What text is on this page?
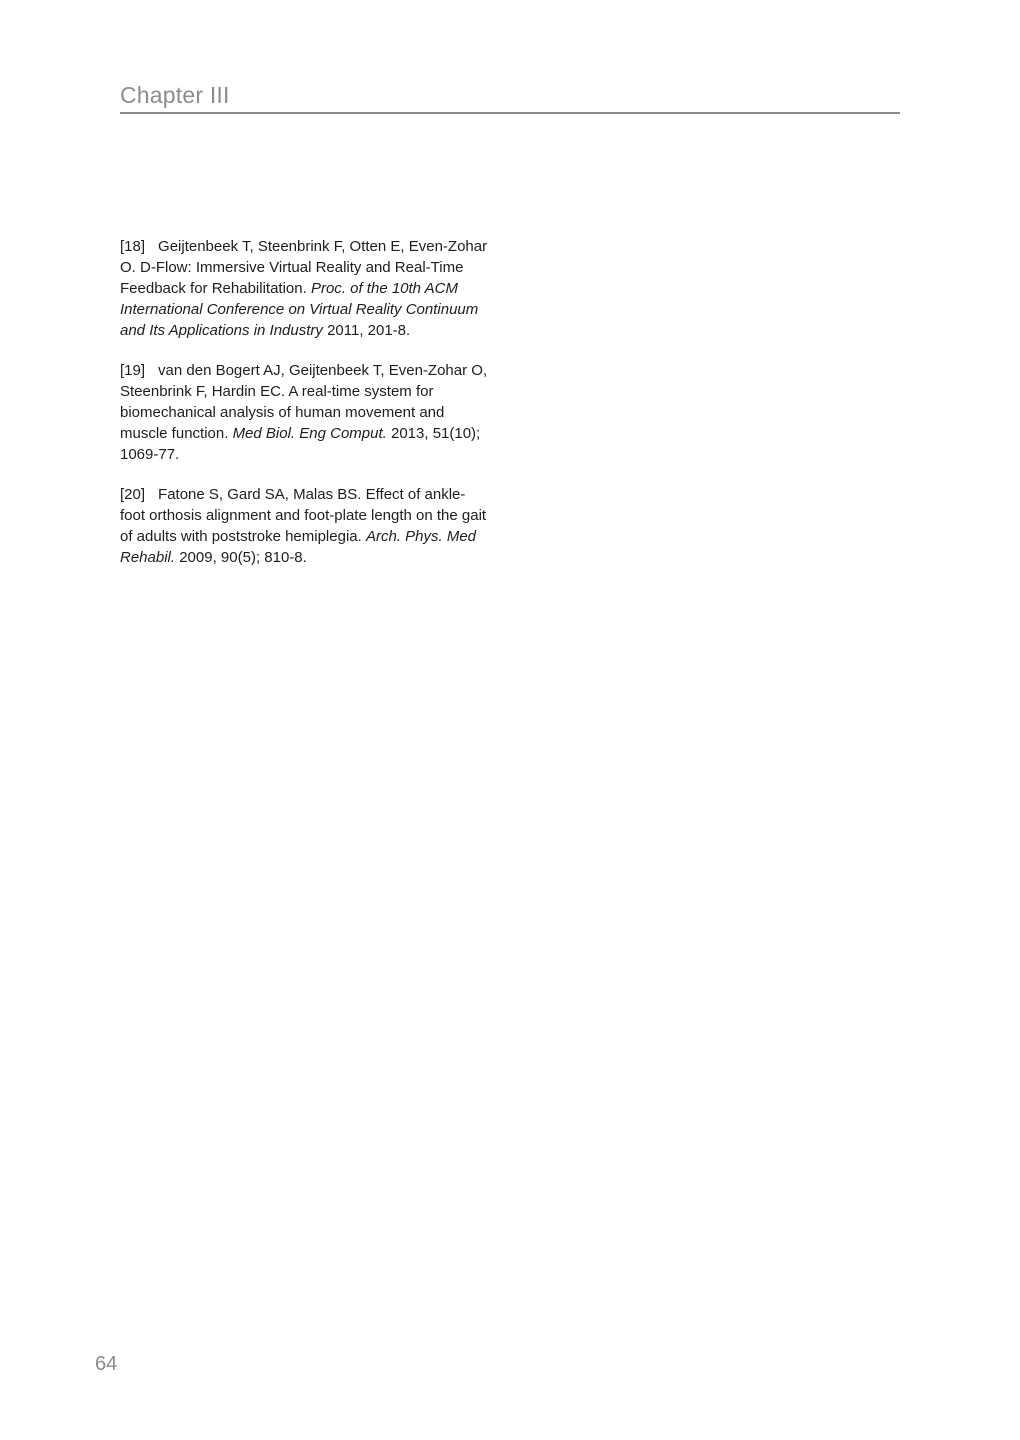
Chapter III

[18] Geijtenbeek T, Steenbrink F, Otten E, Even-Zohar O. D-Flow: Immersive Virtual Reality and Real-Time Feedback for Rehabilitation. Proc. of the 10th ACM International Conference on Virtual Reality Continuum and Its Applications in Industry 2011, 201-8.

[19] van den Bogert AJ, Geijtenbeek T, Even-Zohar O, Steenbrink F, Hardin EC. A real-time system for biomechanical analysis of human movement and muscle function. Med Biol. Eng Comput. 2013, 51(10); 1069-77.

[20] Fatone S, Gard SA, Malas BS. Effect of ankle-foot orthosis alignment and foot-plate length on the gait of adults with poststroke hemiplegia. Arch. Phys. Med Rehabil. 2009, 90(5); 810-8.

64
